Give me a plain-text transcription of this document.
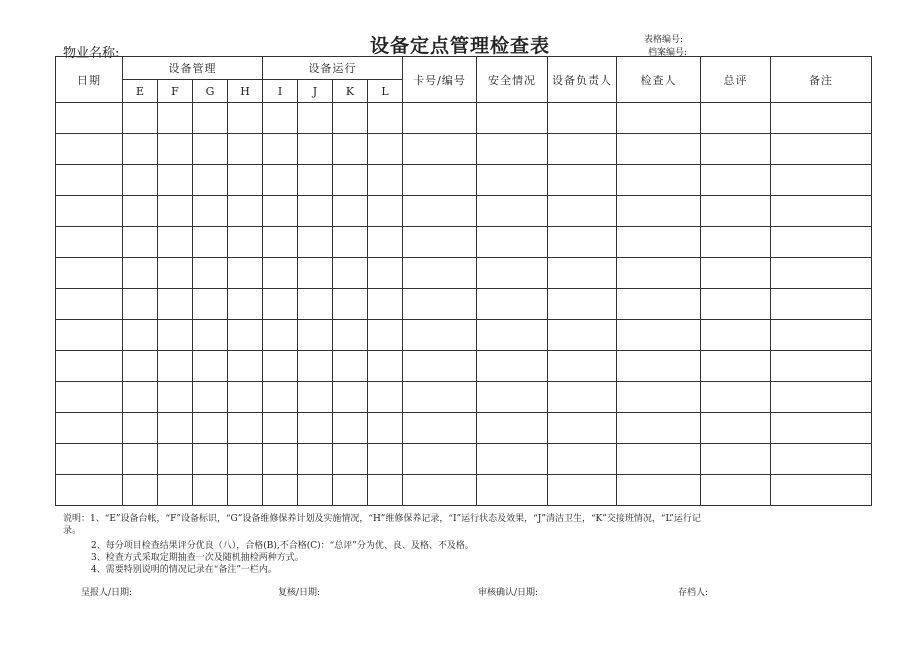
设备定点管理检查表
物业名称:
表格编号:
档案编号:
日期	设备管理				设备运行				卡号/编号	安全情况	设备负责人	检查人	总评	备注
	E	F	G	H	I	J	K	L						

说明：1、“E”设备台帐，“F”设备标识，“G”设备维修保养计划及实施情况，“H”维修保养记录，“I”运行状态及效果，“J”清洁卫生，“K”交接班情况，“L”运行记
录。
2、每分项目检查结果评分优良（八），合格(B),不合格(C)：“总评”分为优、良、及格、不及格。
3、检查方式采取定期抽查一次及随机抽检两种方式。
4、需要特别说明的情况记录在“备注”一栏内。
呈报人/日期:	复核/日期:	审核确认/日期:	存档人:
